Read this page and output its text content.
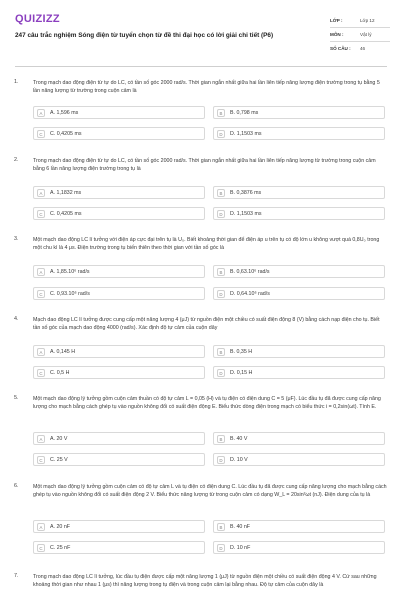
QUIZIZZ
247 câu trắc nghiệm Sóng điện từ tuyển chọn từ đề thi đại học có lời giải chi tiết (P6)
LỚP :	Lớp 12
MÔN :	Vật lý
SỐ CÂU :	46
1.	Trong mạch dao động điện từ tự do LC, có tần số góc 2000 rad/s. Thời gian ngắn nhất giữa hai lần liên tiếp năng lượng điện trường trong tụ bằng 5 lần năng lượng từ trường trong cuộn cảm là
A	A. 1,596 ms	B	B. 0,798 ms
C	C. 0,4205 ms	D	D. 1,1503 ms
2.	Trong mạch dao động điện từ tự do LC, có tần số góc 2000 rad/s. Thời gian ngắn nhất giữa hai lần liên tiếp năng lượng từ trường trong cuộn cảm bằng 6 lần năng lượng điện trường trong tụ là
A	A. 1,1832 ms	B	B. 0,3876 ms
C	C. 0,4205 ms	D	D. 1,1503 ms
3.	Một mạch dao động LC lí tưởng với điện áp cực đại trên tụ là U₀. Biết khoảng thời gian để điện áp u trên tụ có độ lớn u không vượt quá 0,8U₀ trong một chu kì là 4 μs. Điện trường trong tụ biến thiên theo thời gian với tần số góc là
A	A. 1,85.10⁶ rad/s	B	B. 0,63.10⁶ rad/s
C	C. 0,93.10⁶ rad/s	D	D. 0,64.10⁶ rad/s
4.	Mạch dao động LC lí tưởng được cung cấp một năng lượng 4 (μJ) từ nguồn điện một chiều có suất điện động 8 (V) bằng cách nạp điện cho tụ. Biết tần số góc của mạch dao động 4000 (rad/s). Xác định độ tự cảm của cuộn dây
A	A. 0,145 H	B	B. 0,35 H
C	C. 0,5 H	D	D. 0,15 H
5.	Một mạch dao động lý tưởng gồm cuộn cảm thuần có độ tự cảm L = 0,05 (H) và tụ điện có điện dung C = 5 (μF). Lúc đầu tụ đã được cung cấp năng lượng cho mạch bằng cách ghép tụ vào nguồn không đổi có suất điện động E. Biểu thức dòng điện trong mạch có biểu thức i = 0,2sin(ωt). Tính E.
A	A. 20 V	B	B. 40 V
C	C. 25 V	D	D. 10 V
6.	Một mạch dao động lý tưởng gồm cuộn cảm có độ tự cảm L và tụ điện có điện dung C. Lúc đầu tụ đã được cung cấp năng lượng cho mạch bằng cách ghép tụ vào nguồn không đổi có suất điện động 2 V. Biểu thức năng lượng từ trong cuộn cảm có dạng W_L = 20sin²ωt (nJ). Điện dung của tụ là
A	A. 20 nF	B	B. 40 nF
C	C. 25 nF	D	D. 10 nF
7.	Trong mạch dao động LC lí tưởng, lúc đầu tụ điện được cấp một năng lượng 1 (μJ) từ nguồn điện một chiều có suất điện động 4 V. Cứ sau những khoảng thời gian như nhau 1 (μs) thì năng lượng trong tụ điện và trong cuộn cảm lại bằng nhau. Độ tự cảm của cuộn dây là
